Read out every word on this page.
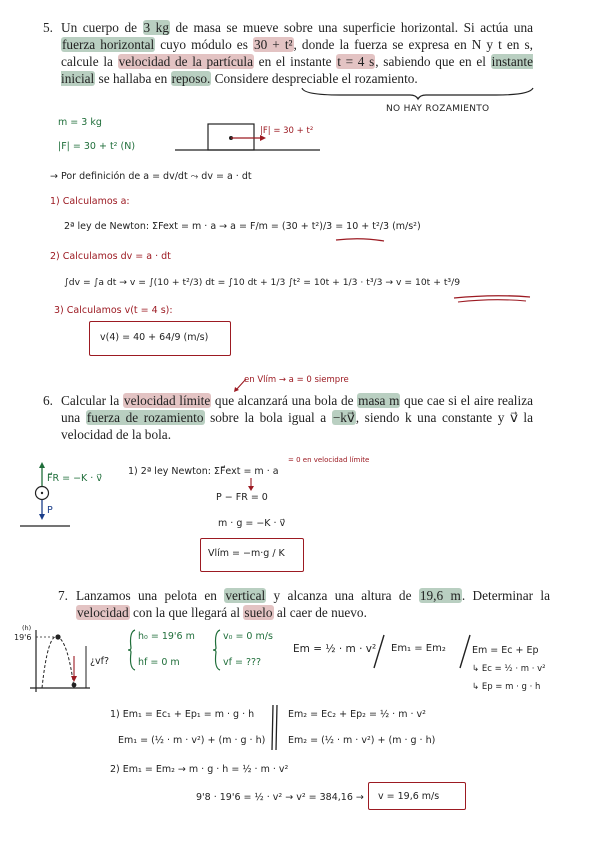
5. Un cuerpo de 3 kg de masa se mueve sobre una superficie horizontal. Si actúa una fuerza horizontal cuyo módulo es 30 + t², donde la fuerza se expresa en N y t en s, calcule la velocidad de la partícula en el instante t = 4 s, sabiendo que en el instante inicial se hallaba en reposo. Considere despreciable el rozamiento.
NO HAY ROZAMIENTO
m = 3 kg
|F| = 30 + t² (N)
|F| = 30 + t²
→ Por definición de a = dv/dt ⤳ dv = a · dt
1) Calculamos a:
2ª ley de Newton: ΣFext = m · a → a = F/m = (30 + t²)/3 = 10 + t²/3 (m/s²)
2) Calculamos dv = a · dt
∫dv = ∫a dt → v = ∫(10 + t²/3) dt = ∫10 dt + 1/3 ∫t² = 10t + 1/3 · t³/3 → v = 10t + t³/9
3) Calculamos v(t = 4 s):
v(4) = 40 + 64/9 (m/s)
en Vlím → a = 0 siempre
6. Calcular la velocidad límite que alcanzará una bola de masa m que cae si el aire realiza una fuerza de rozamiento sobre la bola igual a −kv⃗, siendo k una constante y v⃗ la velocidad de la bola.
F⃗R = −K · v⃗
P
1) 2ª ley Newton: ΣF⃗ext = m · a
= 0 en velocidad límite
P − FR = 0
m · g = −K · v⃗
Vlím = −m·g / K
7. Lanzamos una pelota en vertical y alcanza una altura de 19,6 m. Determinar la velocidad con la que llegará al suelo al caer de nuevo.
(h)
19'6
¿vf?
h₀ = 19'6 m
hf = 0 m
v₀ = 0 m/s
vf = ???
Em = ½ · m · v² Em₁ = Em₂	Em = Ec + Ep
↳ Ec = ½ · m · v²
↳ Ep = m · g · h
1) Em₁ = Ec₁ + Ep₁ = m · g · h
Em₁ = (½ · m · v²) + (m · g · h)
Em₂ = Ec₂ + Ep₂ = ½ · m · v²
Em₂ = (½ · m · v²) + (m · g · h)
2) Em₁ = Em₂ → m · g · h = ½ · m · v²
9'8 · 19'6 = ½ · v² → v² = 384,16 → v = 19,6 m/s
